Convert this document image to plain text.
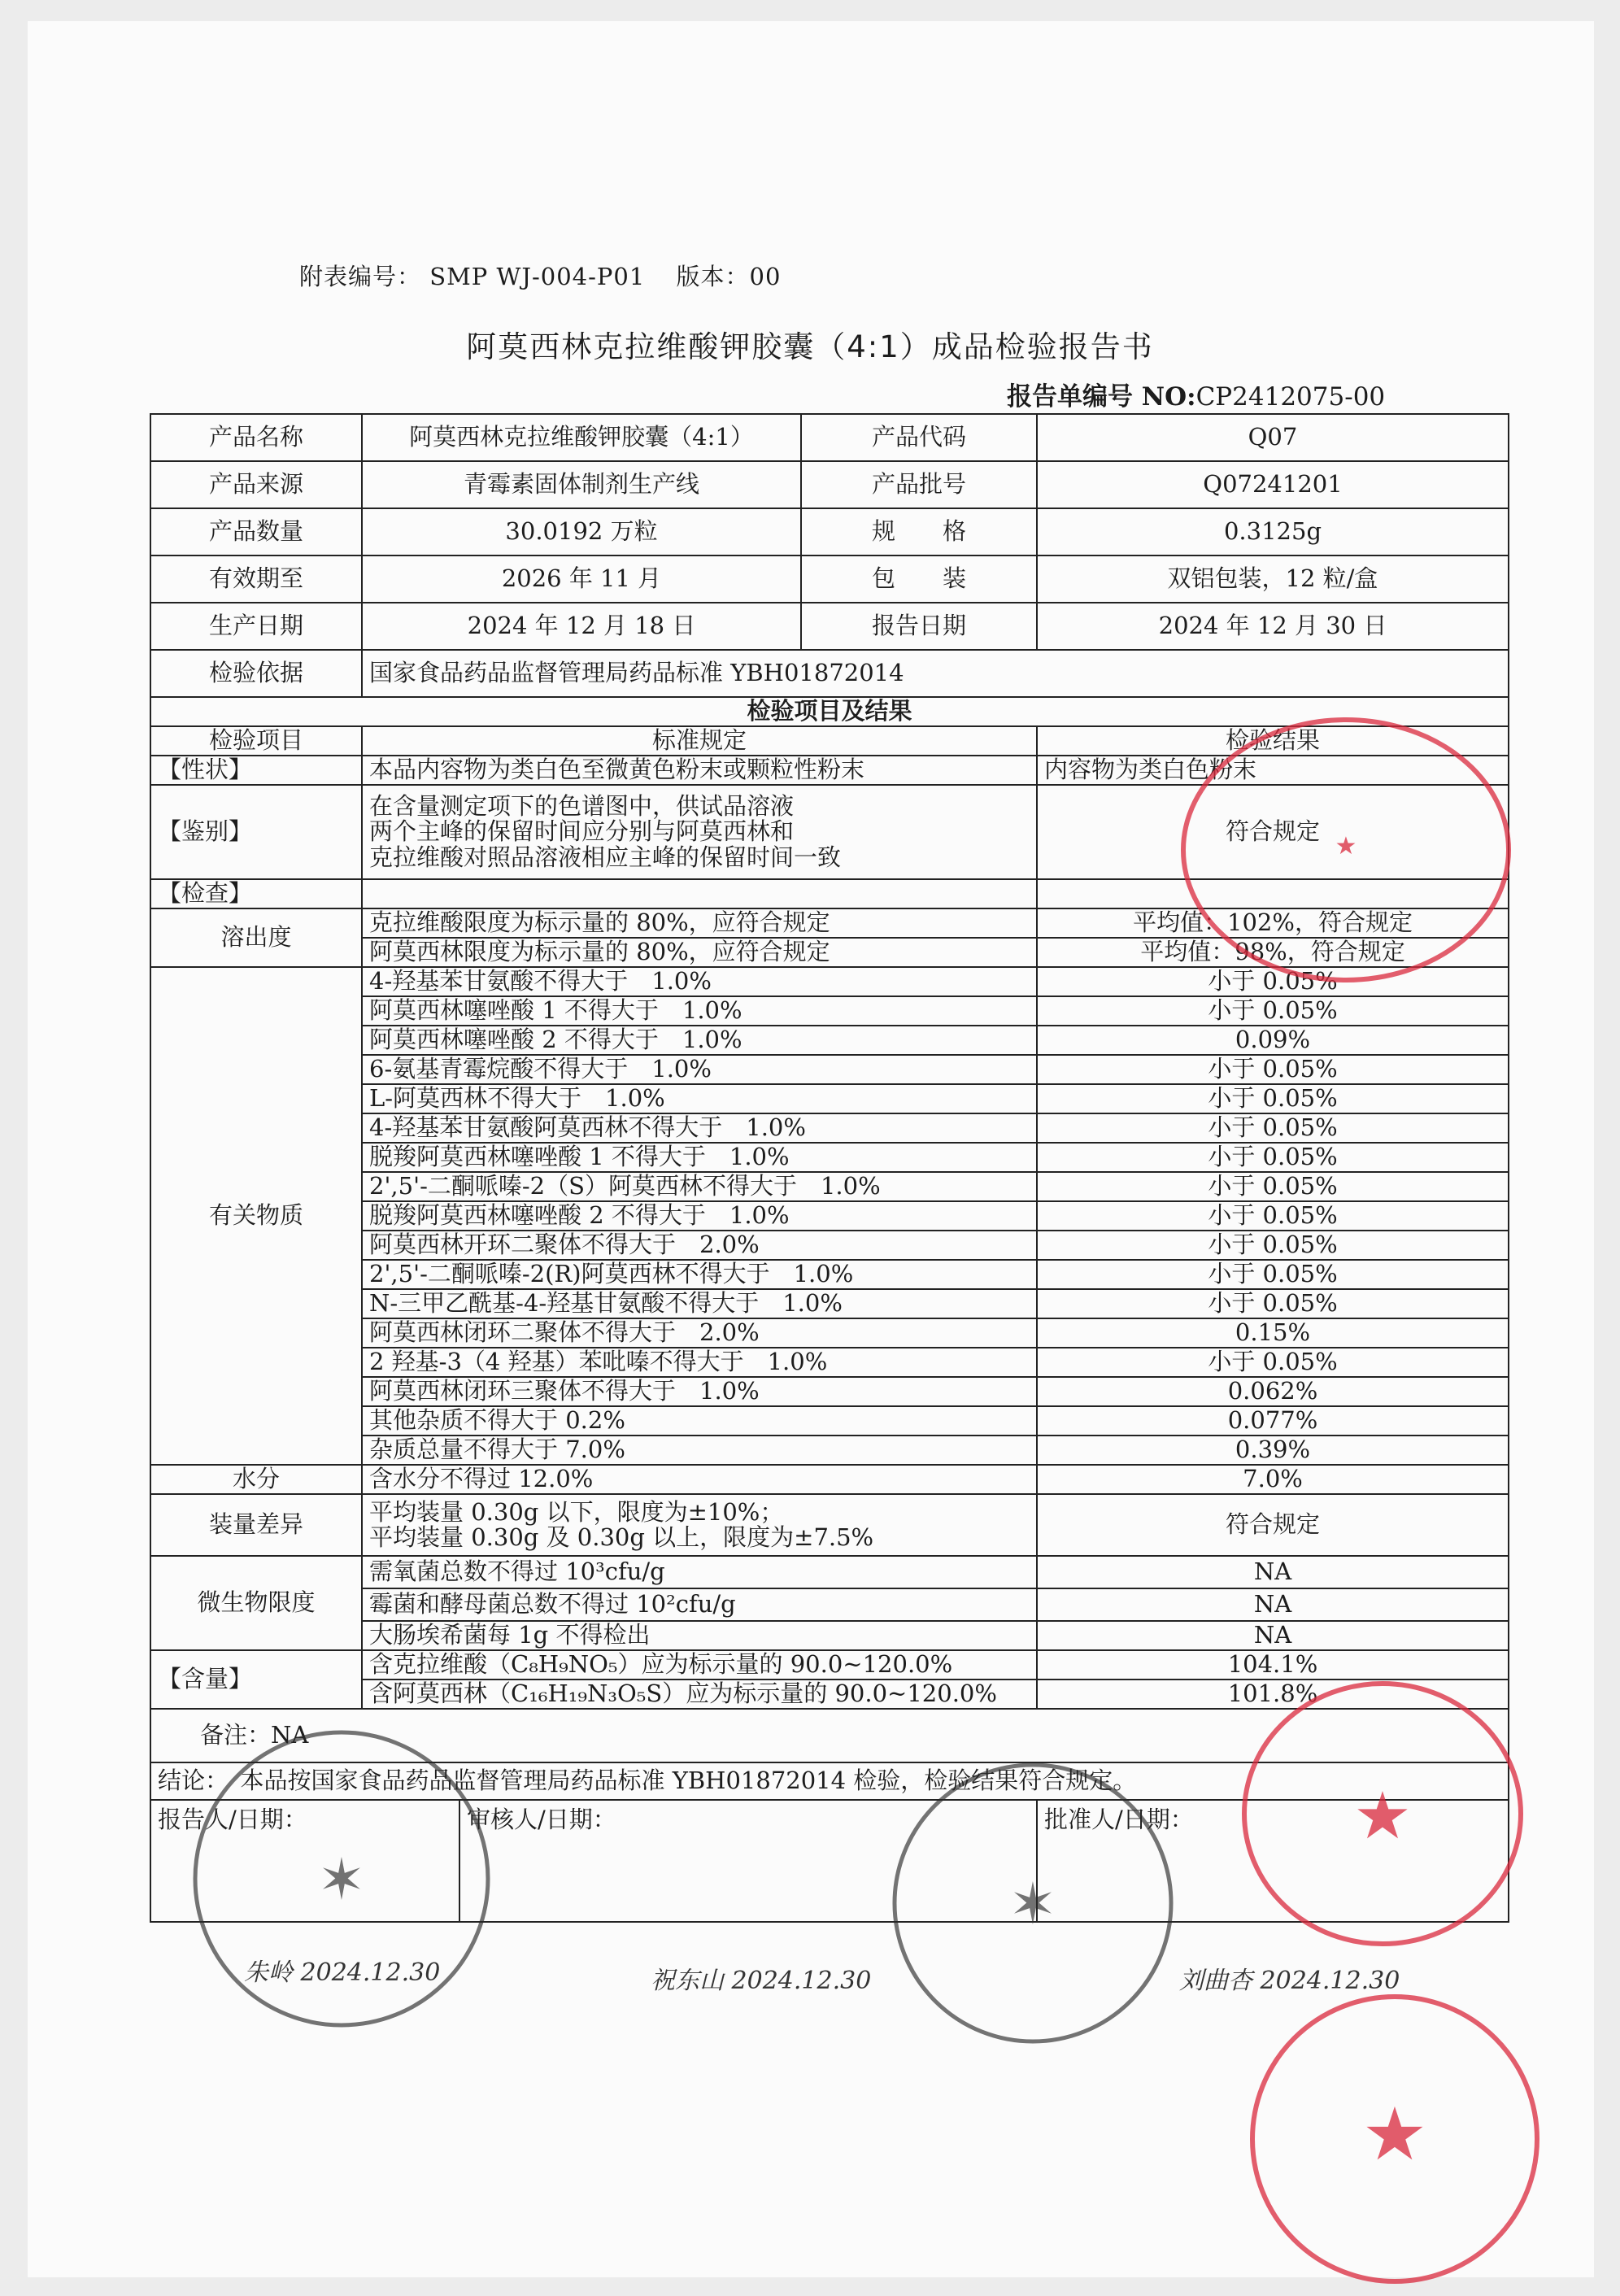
附表编号： SMP WJ-004-P01 版本：00
阿莫西林克拉维酸钾胶囊（4:1）成品检验报告书
报告单编号 NO:CP2412075-00
产品名称	阿莫西林克拉维酸钾胶囊（4:1）		产品代码	Q07
产品来源	青霉素固体制剂生产线		产品批号	Q07241201
产品数量	30.0192 万粒		规　　格	0.3125g
有效期至	2026 年 11 月		包　　装	双铝包装，12 粒/盒
生产日期	2024 年 12 月 18 日		报告日期	2024 年 12 月 30 日
检验依据	国家食品药品监督管理局药品标准 YBH01872014			
检验项目及结果				
检验项目	标准规定			检验结果
【性状】	本品内容物为类白色至微黄色粉末或颗粒性粉末			内容物为类白色粉末
【鉴别】	在含量测定项下的色谱图中，供试品溶液
两个主峰的保留时间应分别与阿莫西林和
克拉维酸对照品溶液相应主峰的保留时间一致			符合规定
【检查】				
溶出度	克拉维酸限度为标示量的 80%，应符合规定			平均值：102%，符合规定
	阿莫西林限度为标示量的 80%，应符合规定			平均值：98%，符合规定
有关物质	4-羟基苯甘氨酸不得大于　1.0%			小于 0.05%
	阿莫西林噻唑酸 1 不得大于　1.0%			小于 0.05%
	阿莫西林噻唑酸 2 不得大于　1.0%			0.09%
	6-氨基青霉烷酸不得大于　1.0%			小于 0.05%
	L-阿莫西林不得大于　1.0%			小于 0.05%
	4-羟基苯甘氨酸阿莫西林不得大于　1.0%			小于 0.05%
	脱羧阿莫西林噻唑酸 1 不得大于　1.0%			小于 0.05%
	2',5'-二酮哌嗪-2（S）阿莫西林不得大于　1.0%			小于 0.05%
	脱羧阿莫西林噻唑酸 2 不得大于　1.0%			小于 0.05%
	阿莫西林开环二聚体不得大于　2.0%			小于 0.05%
	2',5'-二酮哌嗪-2(R)阿莫西林不得大于　1.0%			小于 0.05%
	N-三甲乙酰基-4-羟基甘氨酸不得大于　1.0%			小于 0.05%
	阿莫西林闭环二聚体不得大于　2.0%			0.15%
	2 羟基-3（4 羟基）苯吡嗪不得大于　1.0%			小于 0.05%
	阿莫西林闭环三聚体不得大于　1.0%			0.062%
	其他杂质不得大于 0.2%			0.077%
	杂质总量不得大于 7.0%			0.39%
水分	含水分不得过 12.0%			7.0%
装量差异	平均装量 0.30g 以下，限度为±10%；
平均装量 0.30g 及 0.30g 以上，限度为±7.5%			符合规定
微生物限度	需氧菌总数不得过 10³cfu/g			NA
	霉菌和酵母菌总数不得过 10²cfu/g			NA
	大肠埃希菌每 1g 不得检出			NA
【含量】	含克拉维酸（C₈H₉NO₅）应为标示量的 90.0~120.0%			104.1%
	含阿莫西林（C₁₆H₁₉N₃O₅S）应为标示量的 90.0~120.0%			101.8%
备注：NA				
结论：　本品按国家食品药品监督管理局药品标准 YBH01872014 检验，检验结果符合规定。				
报告人/日期：		审核人/日期：		批准人/日期：
朱岭 2024.12.30	祝东山 2024.12.30	刘曲杏 2024.12.30
★
★
✶	✶
★
